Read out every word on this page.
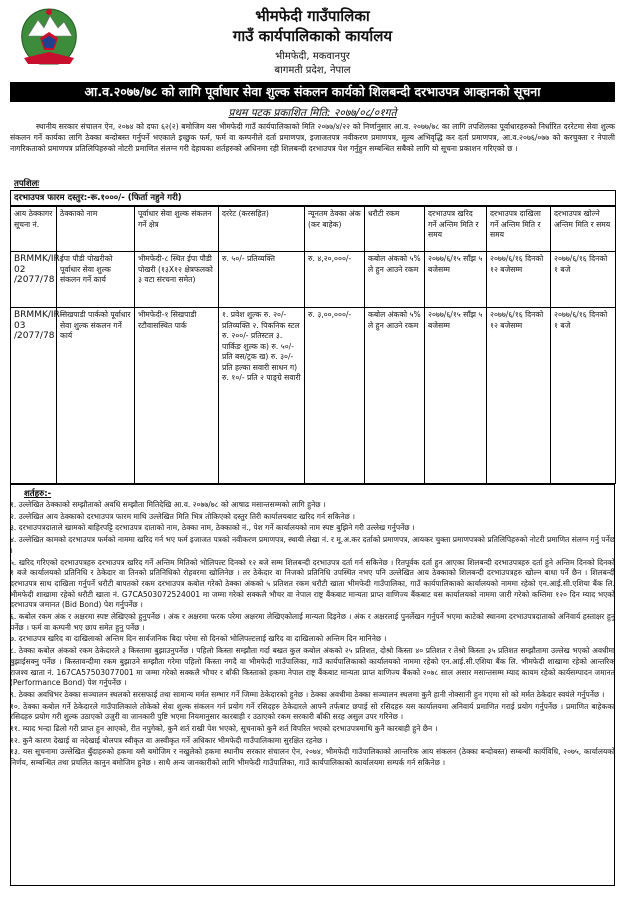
भीमफेदी गाउँपालिका
गाउँ कार्यपालिकाको कार्यालय
भीमफेदी, मकवानपुर
बागमती प्रदेश, नेपाल
आ.व.२०७७/७८ को लागि पूर्वाधार सेवा शुल्क संकलन कार्यको शिलबन्दी दरभाउपत्र आव्हानको सूचना
प्रथम पटक प्रकाशित मिति: २०७७/०८/०१गते

स्थानीय सरकार संचालन ऐन, २०७४ को दफा ६२(२) बमोजिम यस भीमफेदी गाउँ कार्यपालिकाको मिति २०७७/४/२२ को निर्णानुसार आ.व. २०७७/७८ का लागि तपशिलका पूर्वाधारहरुको निर्धारित दररेटमा सेवा शुल्क संकलन गर्ने कार्यका लागि ठेक्का बन्दोबस्त गर्नुपर्ने भएकाले इच्छुक फर्म, फर्म वा कम्पनीले दर्ता प्रमाणपत्र, इजाजतपत्र नवीकरण प्रमाणपत्र, मूल्य अभिवृद्धि कर दर्ता प्रमाणपत्र, आ.व.२०७६/०७७ को करचुक्ता र नेपाली नागरिकताको प्रमाणपत्र प्रतिलिपिहरुको नोटरी प्रमाणित संलग्न गरी देहायका शर्तहरुको अधिनमा रही शिलबन्दी दरभाउपत्र पेश गर्नुहुन सम्बन्धित सबैको लागि यो सूचना प्रकाशन गरिएको छ ।

तपशिलः
दरभाउपत्र फारम दस्तुर:-रू.१०००/- (फिर्ता नहुने गरी)
आय ठेक्कागर सूचना नं.	ठेक्काको नाम	पूर्वाधार सेवा शुल्क संकलन गर्ने क्षेत्र	दररेट (करसहित)	न्यूनतम ठेक्का अंक (कर बाहेक)	धरौटी रकम	दरभाउपत्र खरिद गर्ने अन्तिम मिति र समय	दरभाउपत्र दाखिला गर्ने अन्तिम मिति र समय	दरभाउपत्र खोल्ने अन्तिम मिति र समय
BRMMK/IR-02 /2077/78	ईपा पौडी पोखरीको पूर्वाधार सेवा शुल्क संकलन गर्ने कार्य	भीमफेदी-८ स्थित ईपा पौडी पोखरी (१३X१२ क्षेत्रफलको ३ वटा संरचना समेत)	रु. ५०/- प्रतिव्यक्ति	रु. ४,२०,०००/-	कबोल अंकको ५% ले हुन आउने रकम	२०७७/६/१५ साँझ ५ बजेसम्म	२०७७/६/१६ दिनको १२ बजेसम्म	२०७७/६/१६ दिनको १ बजे
BRMMK/IR-03 /2077/78	सिखपाडी पार्कको पूर्वाधार सेवा शुल्क संकलन गर्ने कार्य	भीमफेदी-१ सिखपाडी रटौवासस्थित पार्क	१. प्रवेश शुल्क रु. २०/- प्रतिव्यक्ति २. पिकनिक स्टल रु. २००/- प्रतिस्टल ३. पार्किङ शुल्क क) रु. ५०/- प्रति बस/ट्रक ख) रु. ३०/- प्रति हल्का सवारी साधन ग) रु. १०/- प्रति २ पाङ्ग्रे सवारी	रु. ३,००,०००/-	कबोल अंकको ५% ले हुन आउने रकम	२०७७/६/१५ साँझ ५ बजेसम्म	२०७७/६/१६ दिनको १२ बजेसम्म	२०७७/६/१६ दिनको १ बजे
शर्तहरु:-
१. उल्लेखित ठेक्काको सम्झौताको अवधि सम्झौता मितिदेखि आ.व. २०७७/७८ को आषाढ मसान्तसम्मको लागि हुनेछ ।
२. उल्लेखित आय ठेक्काको दरभाउपत्र फारम माथि उल्लेखित मिति भित्र तोकिएको दस्तुर तिरी कार्यालयबाट खरिद गर्न सकिनेछ ।
३. दरभाउपत्रदाताले खामको बाहिरपट्टि दरभाउपत्र दाताको नाम, ठेक्का नाम, ठेक्काको नं., पेश गर्ने कार्यालयको नाम स्पष्ट बुझिने गरी उल्लेख गर्नुपर्नेछ ।
४. उल्लेखित कामको दरभाउपत्र फर्मको नाममा खरिद गर्न भए फर्म इजाजत पत्रको नवीकरण प्रमाणपत्र, स्थायी लेखा नं. र मू.अ.कर दर्ताको प्रमाणपत्र, आयकर चुक्ता प्रमाणपत्रको प्रतिलिपिहरुको नोटरी प्रमाणित संलग्न गर्नु पर्नेछ ।
५. खरिद गरिएको दरभाउपत्रहरु दरभाउपत्र खरिद गर्ने अन्तिम मितिको भोलिपल्ट दिनको १२ बजे सम्म शिलबन्दी दरभाउपत्र दर्ता गर्न सकिनेछ । रितपूर्वक दर्ता हुन आएका शिलबन्दी दरभाउपत्रहरु दर्ता हुने अन्तिम दिनको दिनको १ बजे कार्यालयको प्रतिनिधि र ठेकेदार वा तिनको प्रतिनिधिको रोहवरमा खोलिनेछ । तर ठेकेदार वा निजको प्रतिनिधि उपस्थित नभए पनि उल्लेखित आय ठेक्काको शिलबन्दी दरभाउपत्रहरु खोल्न बाधा पर्ने छैन । शिलबन्दी दरभाउपत्र साथ दाखिला गर्नुपर्ने धरौटी बापतको रकम दरभाउपत्र कबोल गरेको ठेक्का अंकको ५ प्रतिशत रकम धरौटी खाता भीमफेदी गाउँपालिका, गाउँ कार्यपालिकाको कार्यालयको नाममा रहेको एन.आई.सी.एशिया बैंक लि. भीमफेदी शाखामा रहेको धरौटी खाता नं. G7CA503072524001 मा जम्मा गरेको सक्कलै भौचर वा नेपाल राष्ट्र बैंकबाट मान्यता प्राप्त वाणिज्य बैंकबाट यस कार्यालयको नाममा जारी गरेको कम्तिमा १२० दिन म्याद भएको दरभाउपत्र जमानत (Bid Bond) पेश गर्नुपर्नेछ ।
६. कबोल रकम अंक र अक्षरमा स्पष्ट लेखिएको हुनुपर्नेछ । अंक र अक्षरमा फरक परेमा अक्षरमा लेखिएकोलाई मान्यता दिइनेछ । अंक र अक्षरलाई पुनर्लेखन गर्नुपर्ने भएमा काटेको स्थानमा दरभाउपत्रदाताको अनिवार्य हस्ताक्षर हुनु पर्नेछ । फर्म वा कम्पनी भए छाप समेत हुनु पर्नेछ ।
७. दरभाउपत्र खरिद वा दाखिलाको अन्तिम दिन सार्वजनिक बिदा परेमा सो दिनको भोलिपल्टलाई खरिद वा दाखिलाको अन्तिम दिन मानिनेछ ।
८. ठेक्का कबोल अंकको रकम ठेकेदारले ३ किस्तामा बुझाउनुपर्नेछ । पहिलो किस्ता सम्झौता गर्दा बखत कुल कबोल अंकको २५ प्रतिशत, दोश्रो किस्ता ४० प्रतिशत र तेश्रो किस्ता ३५ प्रतिशत सम्झौतामा उल्लेख भएको अवधीमा बुझाईसक्नु पर्नेछ । किस्तावन्दीमा रकम बुझाउने सम्झौता गरेमा पहिलो किस्ता नगदै वा भीमफेदी गाउँपालिका, गाउँ कार्यपालिकाको कार्यालयको नाममा रहेको एन.आई.सी.एशिया बैंक लि. भीमफेदी शाखामा रहेको आन्तरिक राजश्व खाता नं. 167CA57503077001 मा जम्मा गरेको सक्कलै भौचर र बाँकी किस्ताको हकमा नेपाल राष्ट्र बैंकबाट मान्यता प्राप्त वाणिज्य बैंकको २०७८ साल असार मसान्तसम्म म्याद कायम रहेको कार्यसम्पादन जमानत (Performance Bond) पेश गर्नुपर्नेछ ।
९. ठेक्का अवधिभर ठेक्का सञ्चालन स्थलको सरसफाई तथा सामान्य मर्मत सम्भार गर्ने जिम्मा ठेकेदारको हुनेछ । ठेक्का अवधीमा ठेक्का सञ्चालन स्थलमा कुनै हानी नोक्सानी हुन गएमा सो को मर्मत ठेकेदार स्वयंले गर्नुपर्नेछ ।
१०. ठेक्का कबोल गर्ने ठेकेदारले गाउँपालिकाले तोकेको सेवा शुल्क संकलन गर्न प्रयोग गर्ने रसिदहरु ठेकेदारले आफ्नै तर्फबाट छपाई सो रसिदहरु यस कार्यालयमा अनिवार्य प्रमाणित गराई प्रयोग गर्नुपर्नेछ । प्रमाणित बाहेकका रसिदहरु प्रयोग गरी शुल्क उठाएको उजुरी वा जानकारी पुष्टि भएमा नियमानुसार कारबाही र उठाएको रकम सरकारी बाँकी सरह असुल उपर गरिनेछ ।
११. म्याद भन्दा ढिलो गरी प्राप्त हुन आएको, रीत नपुगेको, कुनै शर्त राखी पेश भएको, सूचनाको कुनै शर्त विपरित भएको दरभाउपत्रमाथि कुनै कारबाही हुने छैन ।
१२. कुनै कारण देखाई वा नदेखाई बोलपत्र स्वीकृत वा अस्वीकृत गर्ने अधिकार भीमफेदी गाउँपालिकामा सुरक्षित रहनेछ ।
१३. यस सूचनामा उल्लेखित बुँदाहरुको हकमा यसै बमोजिम र नखुलेको हकमा स्थानीय सरकार संचालन ऐन, २०७४, भीमफेदी गाउँपालिकाको आन्तरिक आय संकलन (ठेक्का बन्दोबस्त) सम्बन्धी कार्यविधि, २०७५, कार्यालयको निर्णय, सम्बन्धित तथा प्रचलित कानुन बमोजिम हुनेछ । साथै अन्य जानकारीको लागि भीमफेदी गाउँपालिका, गाउँ कार्यपालिकाको कार्यालयमा सम्पर्क गर्न सकिनेछ ।
